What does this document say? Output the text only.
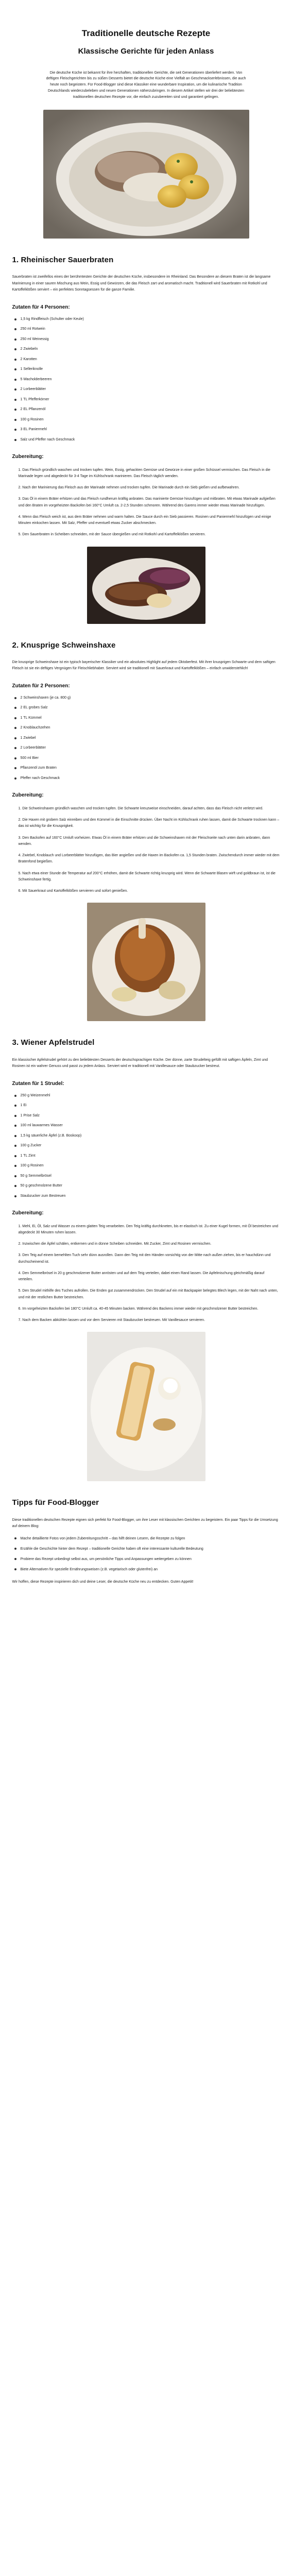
Traditionelle deutsche Rezepte
Klassische Gerichte für jeden Anlass

Die deutsche Küche ist bekannt für ihre herzhaften, traditionellen Gerichte, die seit Generationen überliefert werden. Von deftigen Fleischgerichten bis zu süßen Desserts bietet die deutsche Küche eine Vielfalt an Geschmackserlebnissen, die auch heute noch begeistern. Für Food-Blogger sind diese Klassiker eine wunderbare Inspiration, um die kulinarische Tradition Deutschlands wiederzubeleben und neuen Generationen näherzubringen. In diesem Artikel stellen wir drei der beliebtesten traditionellen deutschen Rezepte vor, die einfach zuzubereiten sind und garantiert gelingen.

1. Rheinischer Sauerbraten

Sauerbraten ist zweifellos eines der berühmtesten Gerichte der deutschen Küche, insbesondere im Rheinland. Das Besondere an diesem Braten ist die langsame Marinierung in einer sauren Mischung aus Wein, Essig und Gewürzen, die das Fleisch zart und aromatisch macht. Traditionell wird Sauerbraten mit Rotkohl und Kartoffelklößen serviert – ein perfektes Sonntagsessen für die ganze Familie.

Zutaten für 4 Personen:
1,5 kg Rindfleisch (Schulter oder Keule)
250 ml Rotwein
250 ml Weinessig
2 Zwiebeln
2 Karotten
1 Selleriknolle
5 Wacholderbeeren
2 Lorbeerblätter
1 TL Pfefferkörner
2 EL Pflanzenöl
100 g Rosinen
3 EL Paniermehl
Salz und Pfeffer nach Geschmack
Zubereitung:
Das Fleisch gründlich waschen und trocken tupfen. Wein, Essig, gehackten Gemüse und Gewürze in einer großen Schüssel vermischen. Das Fleisch in die Marinade legen und abgedeckt für 3-4 Tage im Kühlschrank marinieren. Das Fleisch täglich wenden.
Nach der Marinierung das Fleisch aus der Marinade nehmen und trocken tupfen. Die Marinade durch ein Sieb gießen und aufbewahren.
Das Öl in einem Bräter erhitzen und das Fleisch rundherum kräftig anbraten. Das marinierte Gemüse hinzufügen und mitbraten. Mit etwas Marinade aufgießen und den Braten im vorgeheizten Backofen bei 160°C Umluft ca. 2-2,5 Stunden schmoren. Während des Garens immer wieder etwas Marinade hinzufügen.
Wenn das Fleisch weich ist, aus dem Bräter nehmen und warm halten. Die Sauce durch ein Sieb passieren. Rosinen und Paniermehl hinzufügen und einige Minuten einkochen lassen. Mit Salz, Pfeffer und eventuell etwas Zucker abschmecken.
Den Sauerbraten in Scheiben schneiden, mit der Sauce übergießen und mit Rotkohl und Kartoffelklößen servieren.
2. Knusprige Schweinshaxe

Die knusprige Schweinshaxe ist ein typisch bayerischer Klassiker und ein absolutes Highlight auf jedem Oktoberfest. Mit ihrer knusprigen Schwarte und dem saftigen Fleisch ist sie ein deftiges Vergnügen für Fleischliebhaber. Serviert wird sie traditionell mit Sauerkraut und Kartoffelklößen – einfach unwiderstehlich!

Zutaten für 2 Personen:
2 Schweinshaxen (je ca. 800 g)
2 EL grobes Salz
1 TL Kümmel
2 Knoblauchzehen
1 Zwiebel
2 Lorbeerblätter
500 ml Bier
Pflanzenöl zum Braten
Pfeffer nach Geschmack
Zubereitung:
Die Schweinshaxen gründlich waschen und trocken tupfen. Die Schwarte kreuzweise einschneiden, darauf achten, dass das Fleisch nicht verletzt wird.
Die Haxen mit grobem Salz einreiben und den Kümmel in die Einschnitte drücken. Über Nacht im Kühlschrank ruhen lassen, damit die Schwarte trocknen kann – das ist wichtig für die Knusprigkeit.
Den Backofen auf 160°C Umluft vorheizen. Etwas Öl in einem Bräter erhitzen und die Schweinshaxen mit der Fleischseite nach unten darin anbraten, dann wenden.
Zwiebel, Knoblauch und Lorbeerblätter hinzufügen, das Bier angießen und die Haxen im Backofen ca. 1,5 Stunden braten. Zwischendurch immer wieder mit dem Bratenfond begießen.
Nach etwa einer Stunde die Temperatur auf 200°C erhöhen, damit die Schwarte richtig knusprig wird. Wenn die Schwarte Blasen wirft und goldbraun ist, ist die Schweinshaxe fertig.
Mit Sauerkraut und Kartoffelklößen servieren und sofort genießen.
3. Wiener Apfelstrudel

Ein klassischer Apfelstrudel gehört zu den beliebtesten Desserts der deutschsprachigen Küche. Der dünne, zarte Strudelteig gefüllt mit saftigen Äpfeln, Zimt und Rosinen ist ein wahrer Genuss und passt zu jedem Anlass. Serviert wird er traditionell mit Vanillesauce oder Staubzucker bestreut.

Zutaten für 1 Strudel:
250 g Weizenmehl
1 Ei
1 Prise Salz
100 ml lauwarmes Wasser
1,5 kg säuerliche Äpfel (z.B. Boskoop)
100 g Zucker
1 TL Zimt
100 g Rosinen
50 g Semmelbrösel
50 g geschmolzene Butter
Staubzucker zum Bestreuen
Zubereitung:
Mehl, Ei, Öl, Salz und Wasser zu einem glatten Teig verarbeiten. Den Teig kräftig durchkneten, bis er elastisch ist. Zu einer Kugel formen, mit Öl bestreichen und abgedeckt 30 Minuten ruhen lassen.
Inzwischen die Äpfel schälen, entkernen und in dünne Scheiben schneiden. Mit Zucker, Zimt und Rosinen vermischen.
Den Teig auf einem bemehlten Tuch sehr dünn ausrollen. Dann den Teig mit den Händen vorsichtig von der Mitte nach außen ziehen, bis er hauchdünn und durchscheinend ist.
Den Semmelbrösel in 20 g geschmolzener Butter anrösten und auf dem Teig verteilen, dabei einen Rand lassen. Die Apfelmischung gleichmäßig darauf verteilen.
Den Strudel mithilfe des Tuches aufrollen. Die Enden gut zusammendrücken. Den Strudel auf ein mit Backpapier belegtes Blech legen, mit der Naht nach unten, und mit der restlichen Butter bestreichen.
Im vorgeheizten Backofen bei 180°C Umluft ca. 40-45 Minuten backen. Während des Backens immer wieder mit geschmolzener Butter bestreichen.
Nach dem Backen abkühlen lassen und vor dem Servieren mit Staubzucker bestreuen. Mit Vanillesauce servieren.
Tipps für Food-Blogger

Diese traditionellen deutschen Rezepte eignen sich perfekt für Food-Blogger, um ihre Leser mit klassischen Gerichten zu begeistern. Ein paar Tipps für die Umsetzung auf deinem Blog:

Mache detaillierte Fotos von jedem Zubereitungsschritt – das hilft deinen Lesern, die Rezepte zu folgen
Erzähle die Geschichte hinter dem Rezept – traditionelle Gerichte haben oft eine interessante kulturelle Bedeutung
Probiere das Rezept unbedingt selbst aus, um persönliche Tipps und Anpassungen weitergeben zu können
Biete Alternativen für spezielle Ernährungsweisen (z.B. vegetarisch oder glutenfrei) an

Wir hoffen, diese Rezepte inspirieren dich und deine Leser, die deutsche Küche neu zu entdecken. Guten Appetit!
